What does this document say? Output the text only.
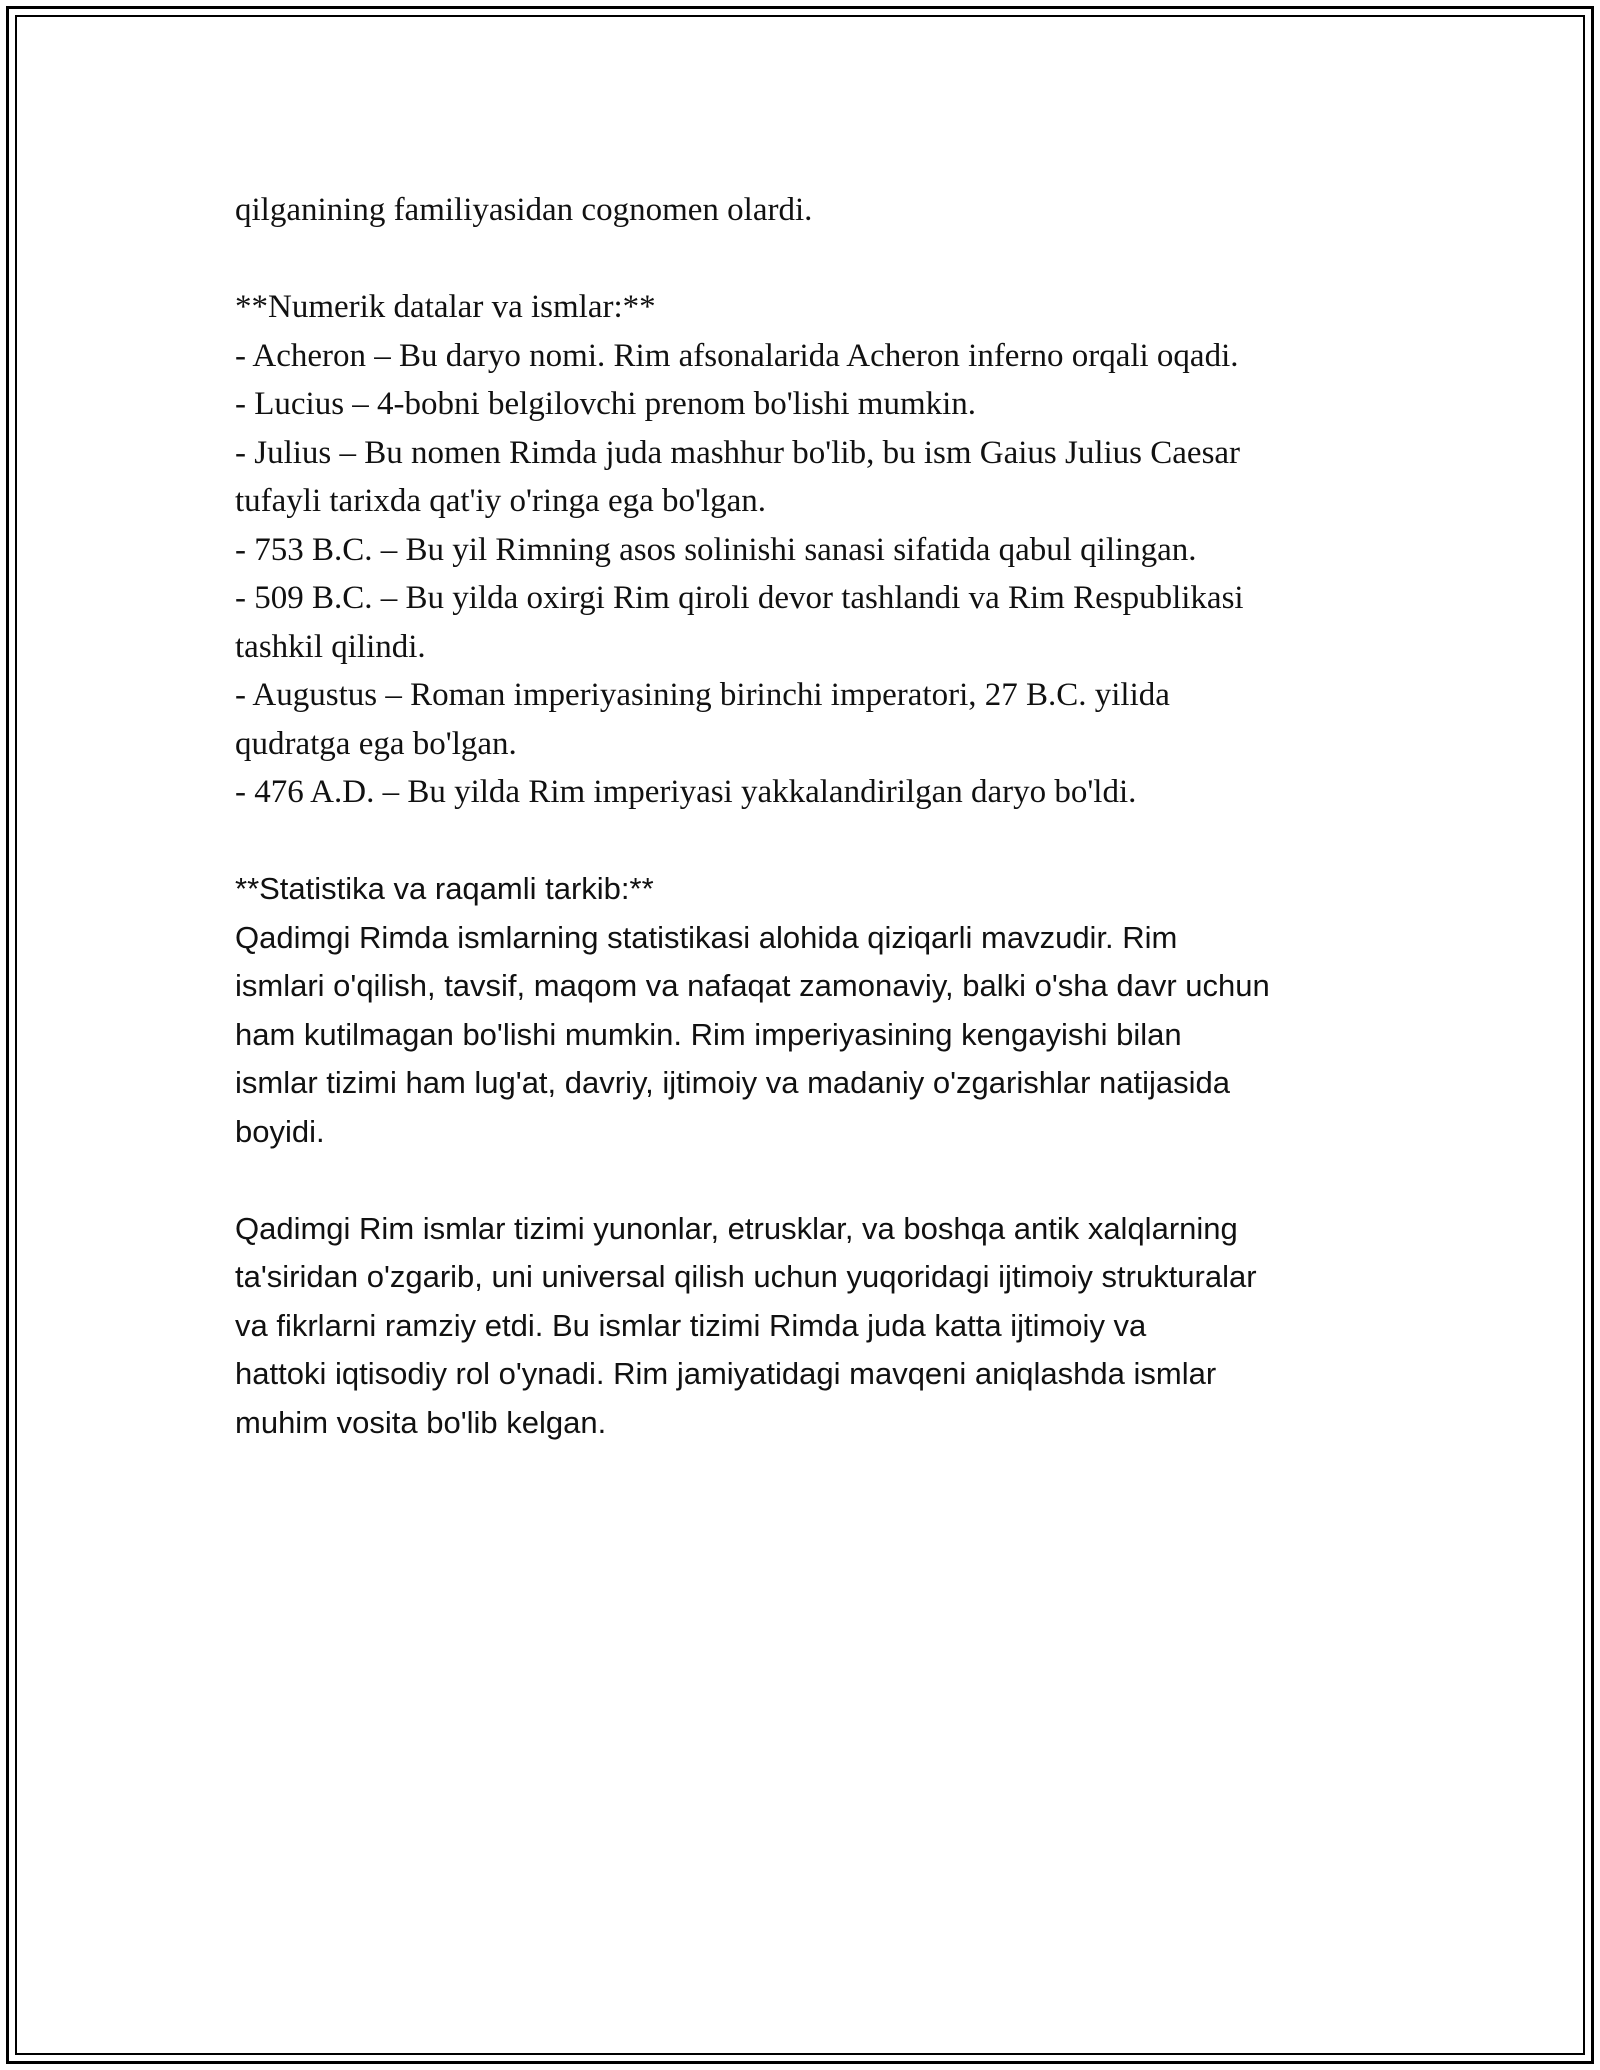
qilganining familiyasidan cognomen olardi.
**Numerik datalar va ismlar:**
- Acheron – Bu daryo nomi. Rim afsonalarida Acheron inferno orqali oqadi.
- Lucius – 4-bobni belgilovchi prenom bo'lishi mumkin.
- Julius – Bu nomen Rimda juda mashhur bo'lib, bu ism Gaius Julius Caesar
tufayli tarixda qat'iy o'ringa ega bo'lgan.
- 753 B.C. – Bu yil Rimning asos solinishi sanasi sifatida qabul qilingan.
- 509 B.C. – Bu yilda oxirgi Rim qiroli devor tashlandi va Rim Respublikasi
tashkil qilindi.
- Augustus – Roman imperiyasining birinchi imperatori, 27 B.C. yilida
qudratga ega bo'lgan.
- 476 A.D. – Bu yilda Rim imperiyasi yakkalandirilgan daryo bo'ldi.
**Statistika va raqamli tarkib:**
Qadimgi Rimda ismlarning statistikasi alohida qiziqarli mavzudir. Rim
ismlari o'qilish, tavsif, maqom va nafaqat zamonaviy, balki o'sha davr uchun
ham kutilmagan bo'lishi mumkin. Rim imperiyasining kengayishi bilan
ismlar tizimi ham lug'at, davriy, ijtimoiy va madaniy o'zgarishlar natijasida
boyidi.
Qadimgi Rim ismlar tizimi yunonlar, etrusklar, va boshqa antik xalqlarning
ta'siridan o'zgarib, uni universal qilish uchun yuqoridagi ijtimoiy strukturalar
va fikrlarni ramziy etdi. Bu ismlar tizimi Rimda juda katta ijtimoiy va
hattoki iqtisodiy rol o'ynadi. Rim jamiyatidagi mavqeni aniqlashda ismlar
muhim vosita bo'lib kelgan.
